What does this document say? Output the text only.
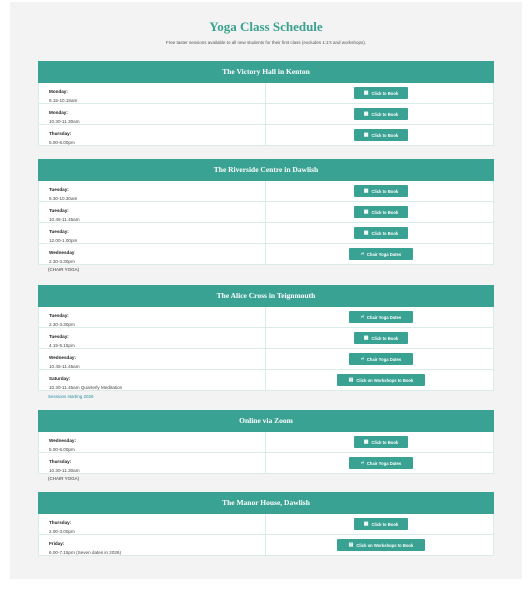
Yoga Class Schedule
Free taster sessions available to all new students for their first class (excludes 1:1's and workshops).
The Victory Hall in Kenton
Monday:
9.15-10.15am
▦ Click to Book
Monday:
10.30-11.30am
▦ Click to Book
Thursday:
5.00-6.00pm
▦ Click to Book
The Riverside Centre in Dawlish
Tuesday:
9.30-10.30am
▦ Click to Book
Tuesday:
10.45-11.45am
▦ Click to Book
Tuesday:
12.00-1.00pm
▦ Click to Book
Wednesday
2.30-3.30pm
⑁ Chair Yoga Dates
(CHAIR YOGA)
The Alice Cross in Teignmouth
Tuesday:
2.30-3.30pm
⑁ Chair Yoga Dates
Tuesday:
4.15-5.15pm
▦ Click to Book
Wednesday:
10.45-11.45am
⑁ Chair Yoga Dates
Saturday:
10.30-11.45am Quarterly Meditation
▤ Click on Workshops to Book
Sessions starting 2026
Online via Zoom
Wednesday:
5.00-6.00pm
▦ Click to Book
Thursday:
10.30-11.30am
⑁ Chair Yoga Dates
(CHAIR YOGA)
The Manor House, Dawlish
Thursday:
2.00-3.00pm
▦ Click to Book
Friday:
6.00-7.15pm (Seven dates in 2026)
▤ Click on Workshops to Book
